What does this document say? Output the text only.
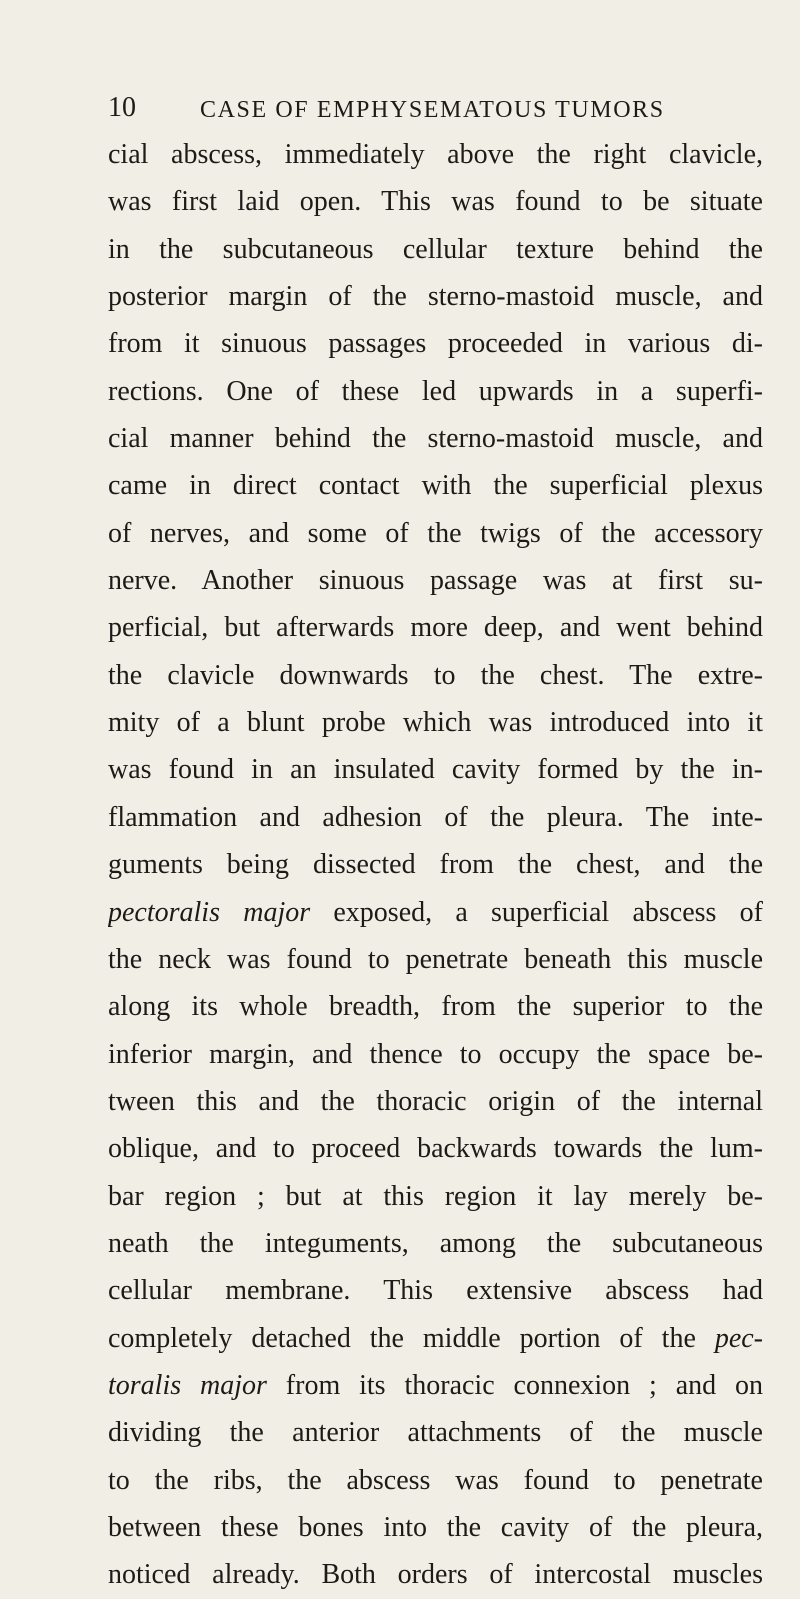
10	CASE OF EMPHYSEMATOUS TUMORS
cial abscess, immediately above the right clavicle,
was first laid open. This was found to be situate
in the subcutaneous cellular texture behind the
posterior margin of the sterno-mastoid muscle, and
from it sinuous passages proceeded in various di-
rections. One of these led upwards in a superfi-
cial manner behind the sterno-mastoid muscle, and
came in direct contact with the superficial plexus
of nerves, and some of the twigs of the accessory
nerve. Another sinuous passage was at first su-
perficial, but afterwards more deep, and went behind
the clavicle downwards to the chest. The extre-
mity of a blunt probe which was introduced into it
was found in an insulated cavity formed by the in-
flammation and adhesion of the pleura. The inte-
guments being dissected from the chest, and the
pectoralis major exposed, a superficial abscess of
the neck was found to penetrate beneath this muscle
along its whole breadth, from the superior to the
inferior margin, and thence to occupy the space be-
tween this and the thoracic origin of the internal
oblique, and to proceed backwards towards the lum-
bar region ; but at this region it lay merely be-
neath the integuments, among the subcutaneous
cellular membrane. This extensive abscess had
completely detached the middle portion of the pec-
toralis major from its thoracic connexion ; and on
dividing the anterior attachments of the muscle
to the ribs, the abscess was found to penetrate
between these bones into the cavity of the pleura,
noticed already. Both orders of intercostal muscles
